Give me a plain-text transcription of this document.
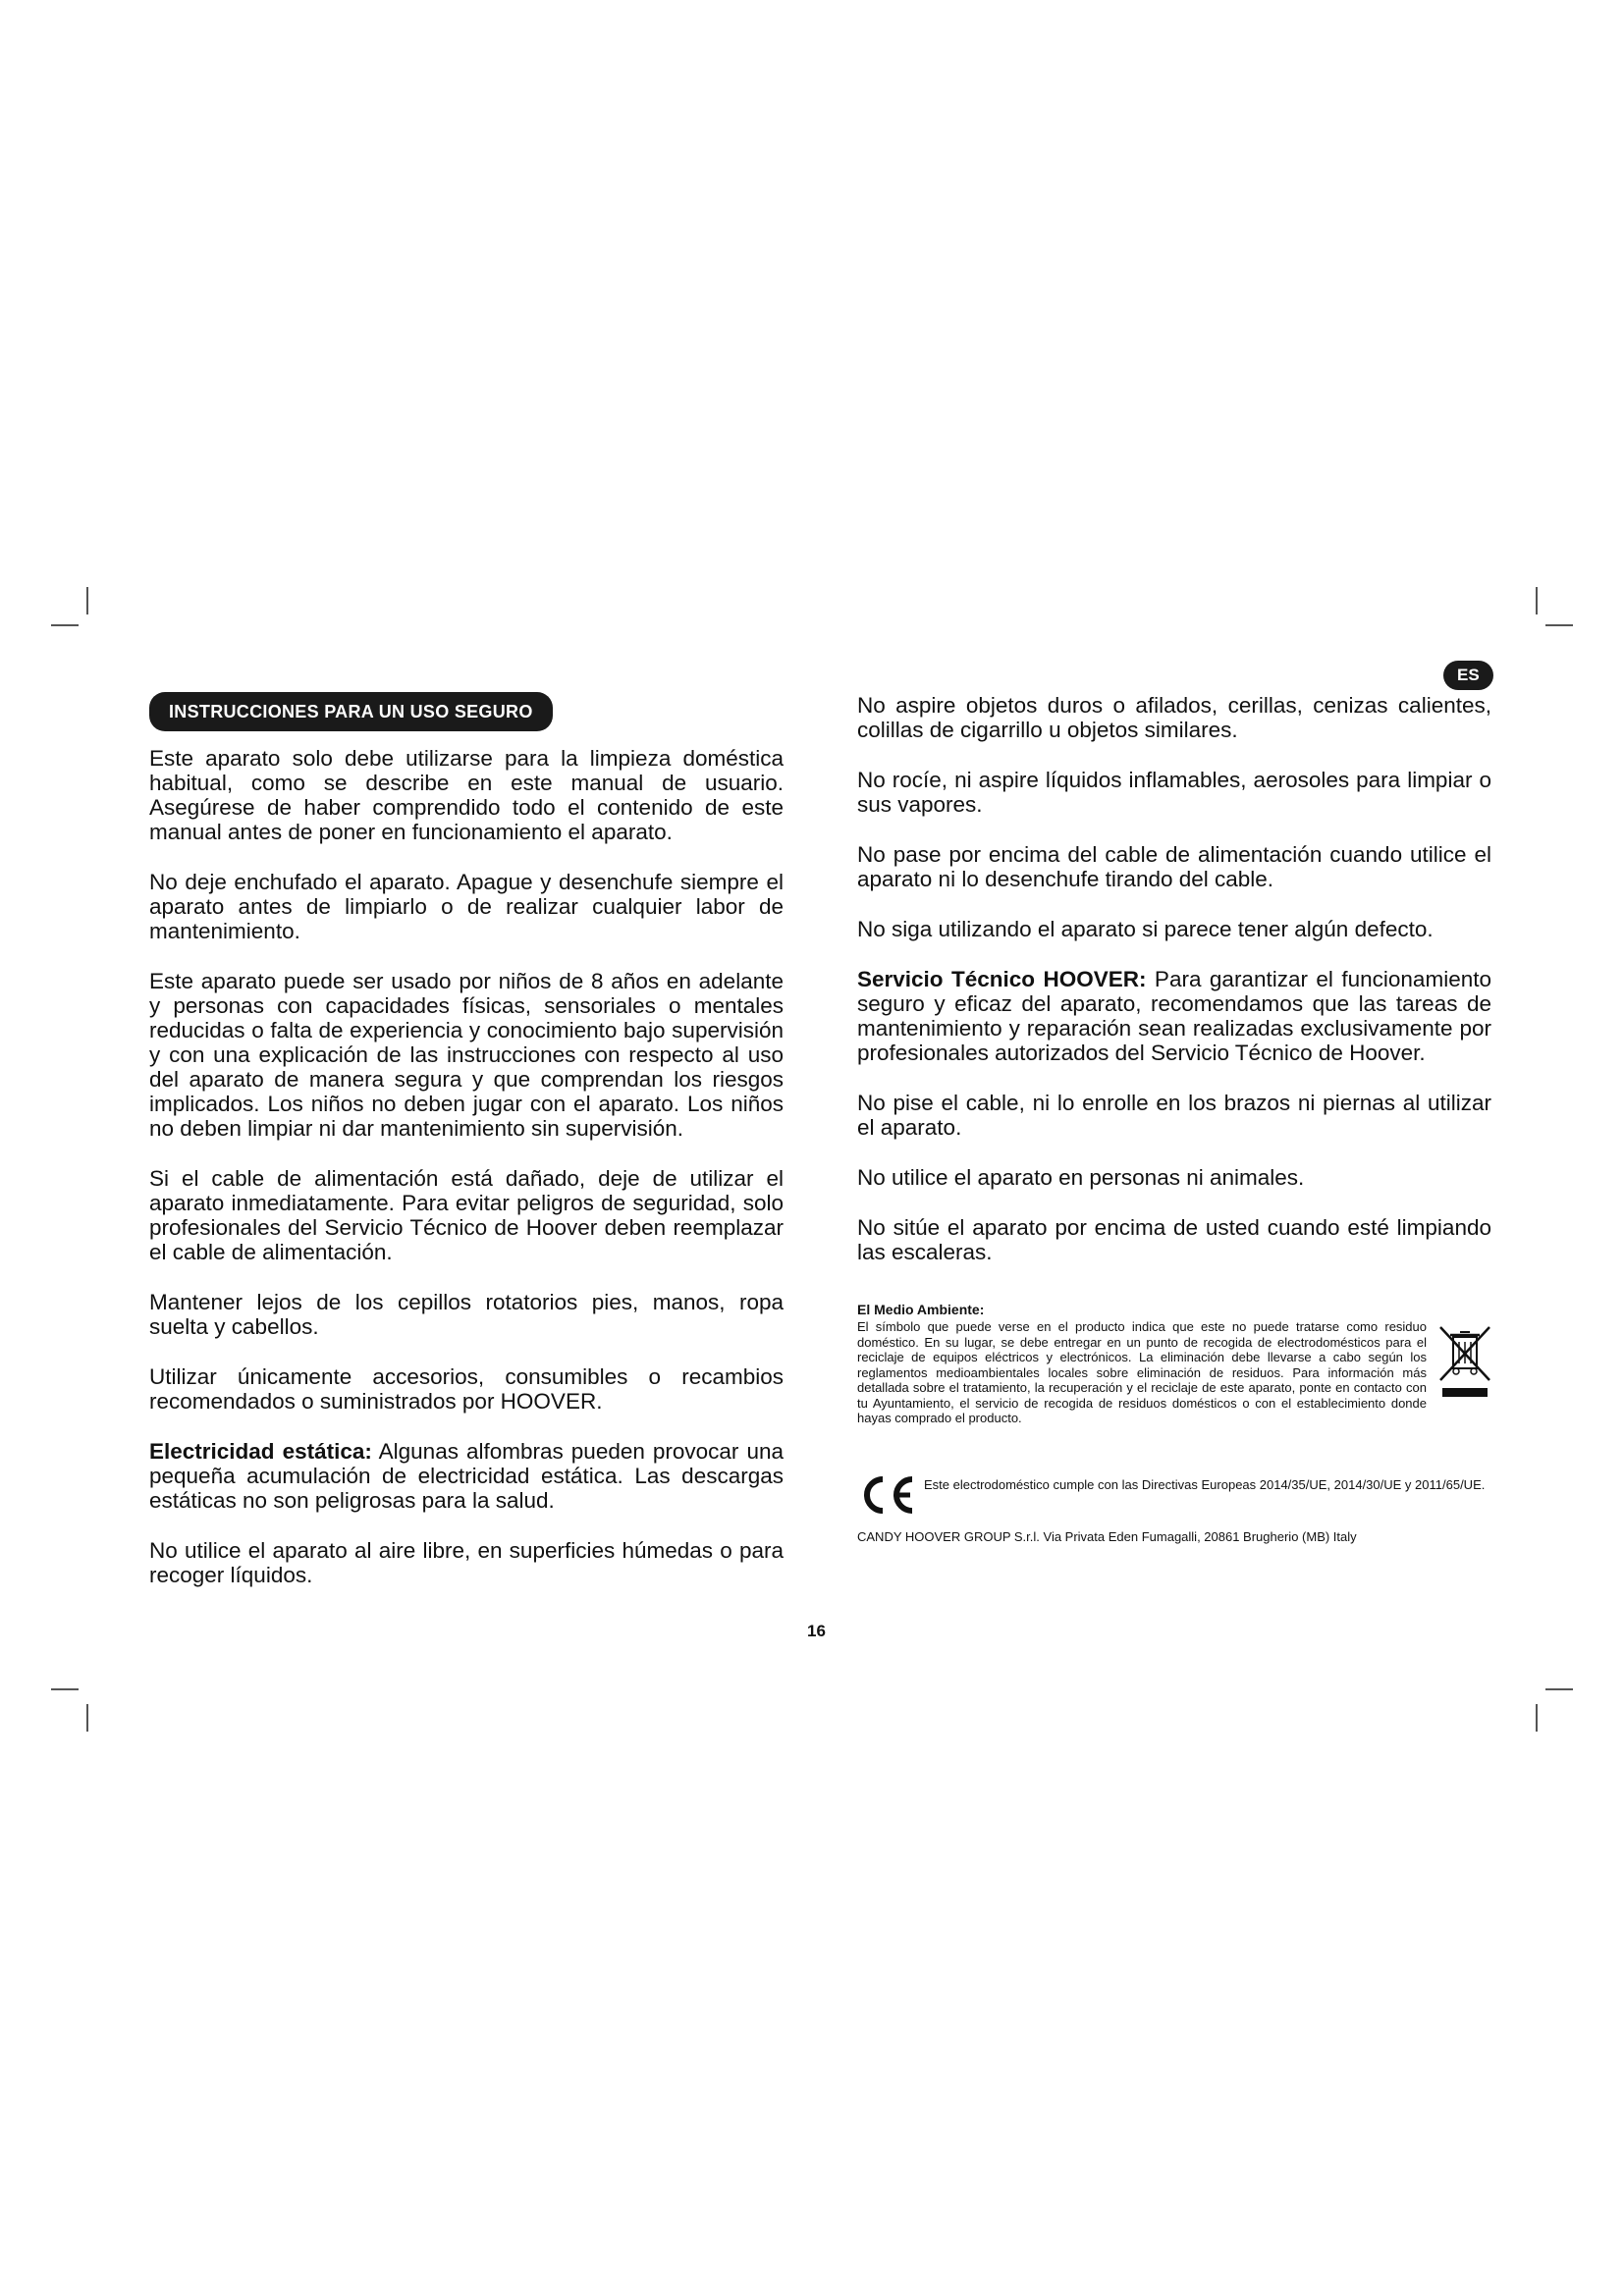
INSTRUCCIONES PARA UN USO SEGURO
ES

Este aparato solo debe utilizarse para la limpieza doméstica habitual, como se describe en este manual de usuario. Asegúrese de haber comprendido todo el contenido de este manual antes de poner en funcionamiento el aparato.

No deje enchufado el aparato. Apague y desenchufe siempre el aparato antes de limpiarlo o de realizar cualquier labor de mantenimiento.

Este aparato puede ser usado por niños de 8 años en adelante y personas con capacidades físicas, sensoriales o mentales reducidas o falta de experiencia y conocimiento bajo supervisión y con una explicación de las instrucciones con respecto al uso del aparato de manera segura y que comprendan los riesgos implicados. Los niños no deben jugar con el aparato. Los niños no deben limpiar ni dar mantenimiento sin supervisión.

Si el cable de alimentación está dañado, deje de utilizar el aparato inmediatamente. Para evitar peligros de seguridad, solo profesionales del Servicio Técnico de Hoover deben reemplazar el cable de alimentación.

Mantener lejos de los cepillos rotatorios pies, manos, ropa suelta y cabellos.

Utilizar únicamente accesorios, consumibles o recambios recomendados o suministrados por HOOVER.

Electricidad estática: Algunas alfombras pueden provocar una pequeña acumulación de electricidad estática. Las descargas estáticas no son peligrosas para la salud.

No utilice el aparato al aire libre, en superficies húmedas o para recoger líquidos.

No aspire objetos duros o afilados, cerillas, cenizas calientes, colillas de cigarrillo u objetos similares.

No rocíe, ni aspire líquidos inflamables, aerosoles para limpiar o sus vapores.

No pase por encima del cable de alimentación cuando utilice el aparato ni lo desenchufe tirando del cable.

No siga utilizando el aparato si parece tener algún defecto.

Servicio Técnico HOOVER: Para garantizar el funcionamiento seguro y eficaz del aparato, recomendamos que las tareas de mantenimiento y reparación sean realizadas exclusivamente por profesionales autorizados del Servicio Técnico de Hoover.

No pise el cable, ni lo enrolle en los brazos ni piernas al utilizar el aparato.

No utilice el aparato en personas ni animales.

No sitúe el aparato por encima de usted cuando esté limpiando las escaleras.

El Medio Ambiente:
El símbolo que puede verse en el producto indica que este no puede tratarse como residuo doméstico. En su lugar, se debe entregar en un punto de recogida de electrodomésticos para el reciclaje de equipos eléctricos y electrónicos. La eliminación debe llevarse a cabo según los reglamentos medioambientales locales sobre eliminación de residuos. Para información más detallada sobre el tratamiento, la recuperación y el reciclaje de este aparato, ponte en contacto con tu Ayuntamiento, el servicio de recogida de residuos domésticos o con el establecimiento donde hayas comprado el producto.
Este electrodoméstico cumple con las Directivas Europeas 2014/35/UE, 2014/30/UE y 2011/65/UE.
CANDY HOOVER GROUP S.r.l. Via Privata Eden Fumagalli, 20861 Brugherio (MB) Italy
16
